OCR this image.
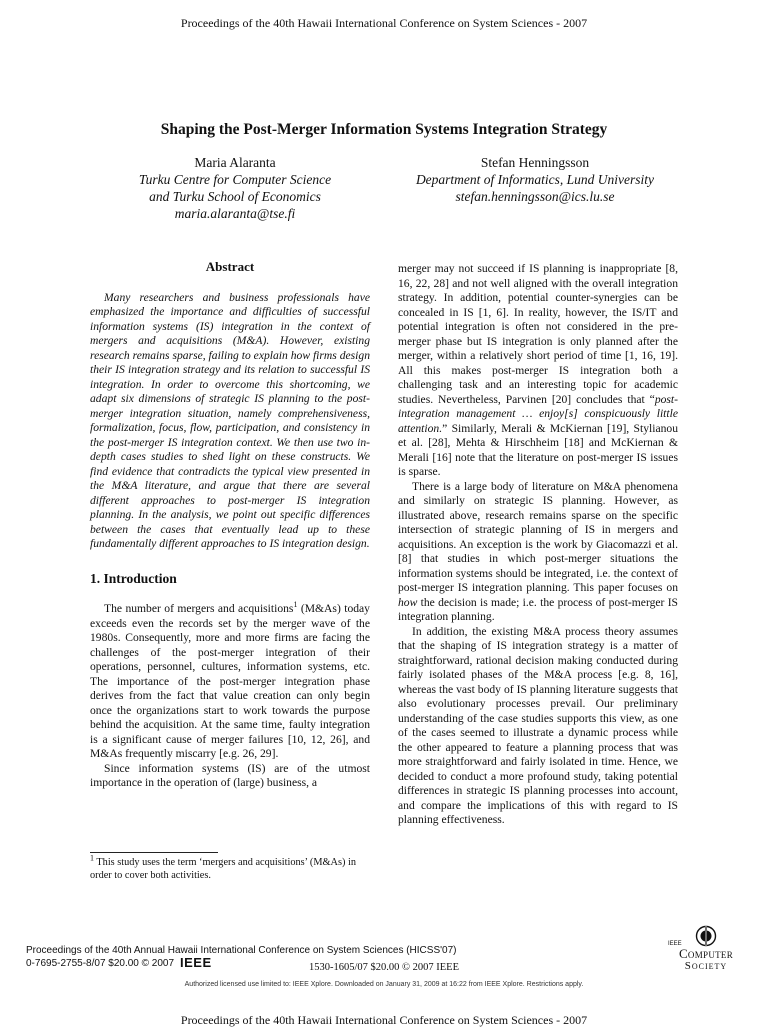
Proceedings of the 40th Hawaii International Conference on System Sciences - 2007
Shaping the Post-Merger Information Systems Integration Strategy
Maria Alaranta
Turku Centre for Computer Science
and Turku School of Economics
maria.alaranta@tse.fi
Stefan Henningsson
Department of Informatics, Lund University
stefan.henningsson@ics.lu.se

Abstract

Many researchers and business professionals have emphasized the importance and difficulties of successful information systems (IS) integration in the context of mergers and acquisitions (M&A). However, existing research remains sparse, failing to explain how firms design their IS integration strategy and its relation to successful IS integration. In order to overcome this shortcoming, we adapt six dimensions of strategic IS planning to the post-merger integration situation, namely comprehensiveness, formalization, focus, flow, participation, and consistency in the post-merger IS integration context. We then use two in-depth cases studies to shed light on these constructs. We find evidence that contradicts the typical view presented in the M&A literature, and argue that there are several different approaches to post-merger IS integration planning. In the analysis, we point out specific differences between the cases that eventually lead up to these fundamentally different approaches to IS integration design.

1. Introduction

The number of mergers and acquisitions$^1$ (M&As) today exceeds even the records set by the merger wave of the 1980s. Consequently, more and more firms are facing the challenges of the post-merger integration of their operations, personnel, cultures, information systems, etc. The importance of the post-merger integration phase derives from the fact that value creation can only begin once the organizations start to work towards the purpose behind the acquisition. At the same time, faulty integration is a significant cause of merger failures [10, 12, 26], and M&As frequently miscarry [e.g. 26, 29].

Since information systems (IS) are of the utmost importance in the operation of (large) business, a

$^1$ This study uses the term ‘mergers and acquisitions’ (M&As) in order to cover both activities.

merger may not succeed if IS planning is inappropriate [8, 16, 22, 28] and not well aligned with the overall integration strategy. In addition, potential counter-synergies can be concealed in IS [1, 6]. In reality, however, the IS/IT and potential integration is often not considered in the pre-merger phase but IS integration is only planned after the merger, within a relatively short period of time [1, 16, 19]. All this makes post-merger IS integration both a challenging task and an interesting topic for academic studies. Nevertheless, Parvinen [20] concludes that “post-integration management … enjoy[s] conspicuously little attention.” Similarly, Merali & McKiernan [19], Stylianou et al. [28], Mehta & Hirschheim [18] and McKiernan & Merali [16] note that the literature on post-merger IS issues is sparse.

There is a large body of literature on M&A phenomena and similarly on strategic IS planning. However, as illustrated above, research remains sparse on the specific intersection of strategic planning of IS in mergers and acquisitions. An exception is the work by Giacomazzi et al. [8] that studies in which post-merger situations the information systems should be integrated, i.e. the context of post-merger IS integration planning. This paper focuses on how the decision is made; i.e. the process of post-merger IS integration planning.

In addition, the existing M&A process theory assumes that the shaping of IS integration strategy is a matter of straightforward, rational decision making conducted during fairly isolated phases of the M&A process [e.g. 8, 16], whereas the vast body of IS planning literature suggests that also evolutionary processes prevail. Our preliminary understanding of the case studies supports this view, as one of the cases seemed to illustrate a dynamic process while the other appeared to feature a planning process that was more straightforward and fairly isolated in time. Hence, we decided to conduct a more profound study, taking potential differences in strategic IS planning processes into account, and compare the implications of this with regard to IS planning effectiveness.

Proceedings of the 40th Annual Hawaii International Conference on System Sciences (HICSS'07)
0-7695-2755-8/07 $20.00 © 2007 IEEE	1530-1605/07 $20.00 © 2007 IEEE
Authorized licensed use limited to: IEEE Xplore. Downloaded on January 31, 2009 at 16:22 from IEEE Xplore. Restrictions apply.
IEEE
Computer
Society
Proceedings of the 40th Hawaii International Conference on System Sciences - 2007
